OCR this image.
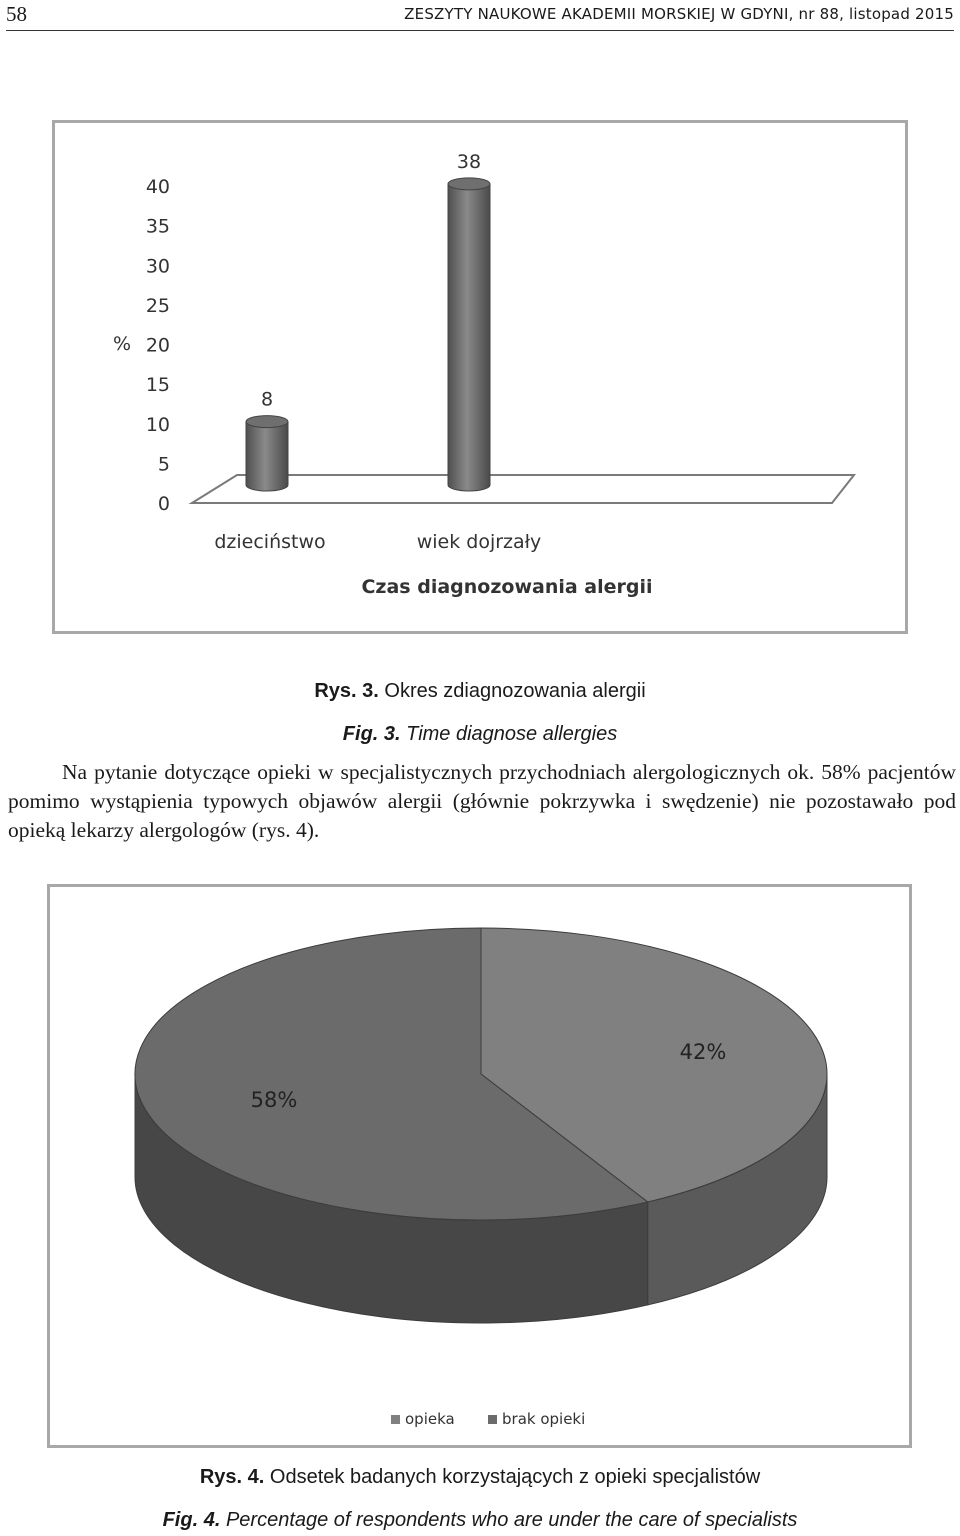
58	ZESZYTY NAUKOWE AKADEMII MORSKIEJ W GDYNI, nr 88, listopad 2015
0
5
10
15
20
25
30
35
40
8
dzieciństwo
38
wiek dojrzały
%
Czas diagnozowania alergii
Rys. 3. Okres zdiagnozowania alergii
Fig. 3. Time diagnose allergies

Na pytanie dotyczące opieki w specjalistycznych przychodniach alergologicznych ok. 58% pacjentów pomimo wystąpienia typowych objawów alergii (głównie pokrzywka i swędzenie) nie pozostawało pod opieką lekarzy alergologów (rys. 4).

42%
58%
opieka	brak opieki
Rys. 4. Odsetek badanych korzystających z opieki specjalistów
Fig. 4. Percentage of respondents who are under the care of specialists
